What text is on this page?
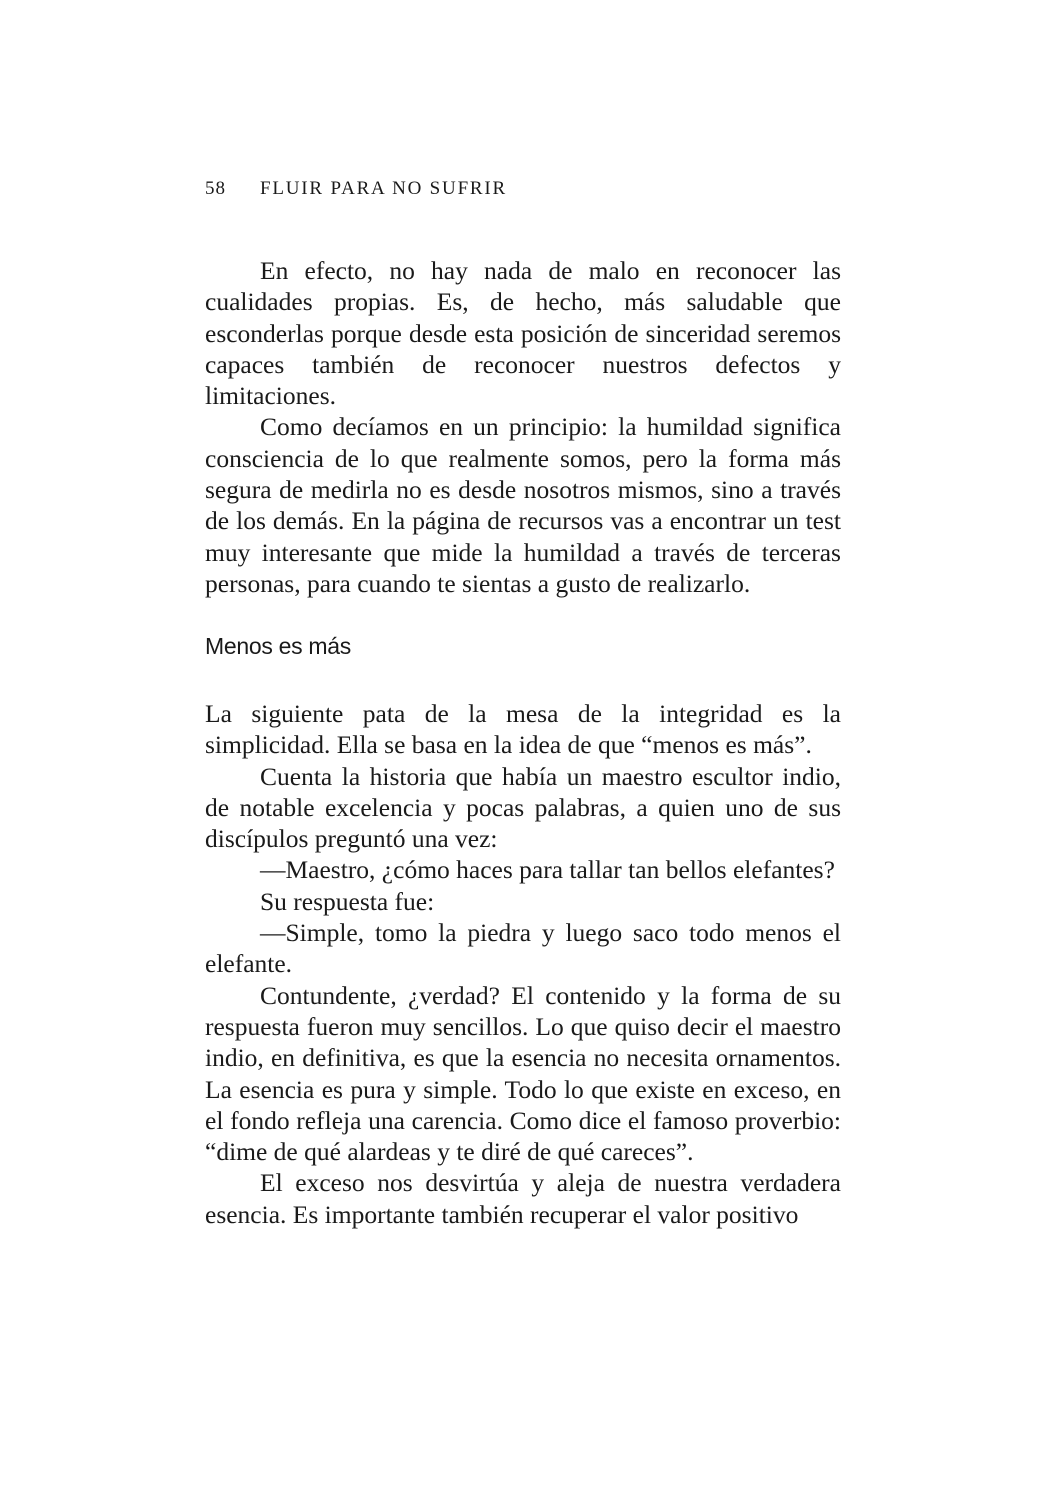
58 FLUIR PARA NO SUFRIR

En efecto, no hay nada de malo en reconocer las cualidades propias. Es, de hecho, más saludable que esconderlas porque desde esta posición de sinceridad seremos capaces también de reconocer nuestros defectos y limitaciones.

Como decíamos en un principio: la humildad significa consciencia de lo que realmente somos, pero la forma más segura de medirla no es desde nosotros mismos, sino a través de los demás. En la página de recursos vas a encontrar un test muy interesante que mide la humildad a través de terceras personas, para cuando te sientas a gusto de realizarlo.

Menos es más

La siguiente pata de la mesa de la integridad es la simplicidad. Ella se basa en la idea de que “menos es más”.

Cuenta la historia que había un maestro escultor indio, de notable excelencia y pocas palabras, a quien uno de sus discípulos preguntó una vez:

—Maestro, ¿cómo haces para tallar tan bellos elefantes?

Su respuesta fue:

—Simple, tomo la piedra y luego saco todo menos el elefante.

Contundente, ¿verdad? El contenido y la forma de su respuesta fueron muy sencillos. Lo que quiso decir el maestro indio, en definitiva, es que la esencia no necesita ornamentos. La esencia es pura y simple. Todo lo que existe en exceso, en el fondo refleja una carencia. Como dice el famoso proverbio: “dime de qué alardeas y te diré de qué careces”.

El exceso nos desvirtúa y aleja de nuestra verdadera esencia. Es importante también recuperar el valor positivo
